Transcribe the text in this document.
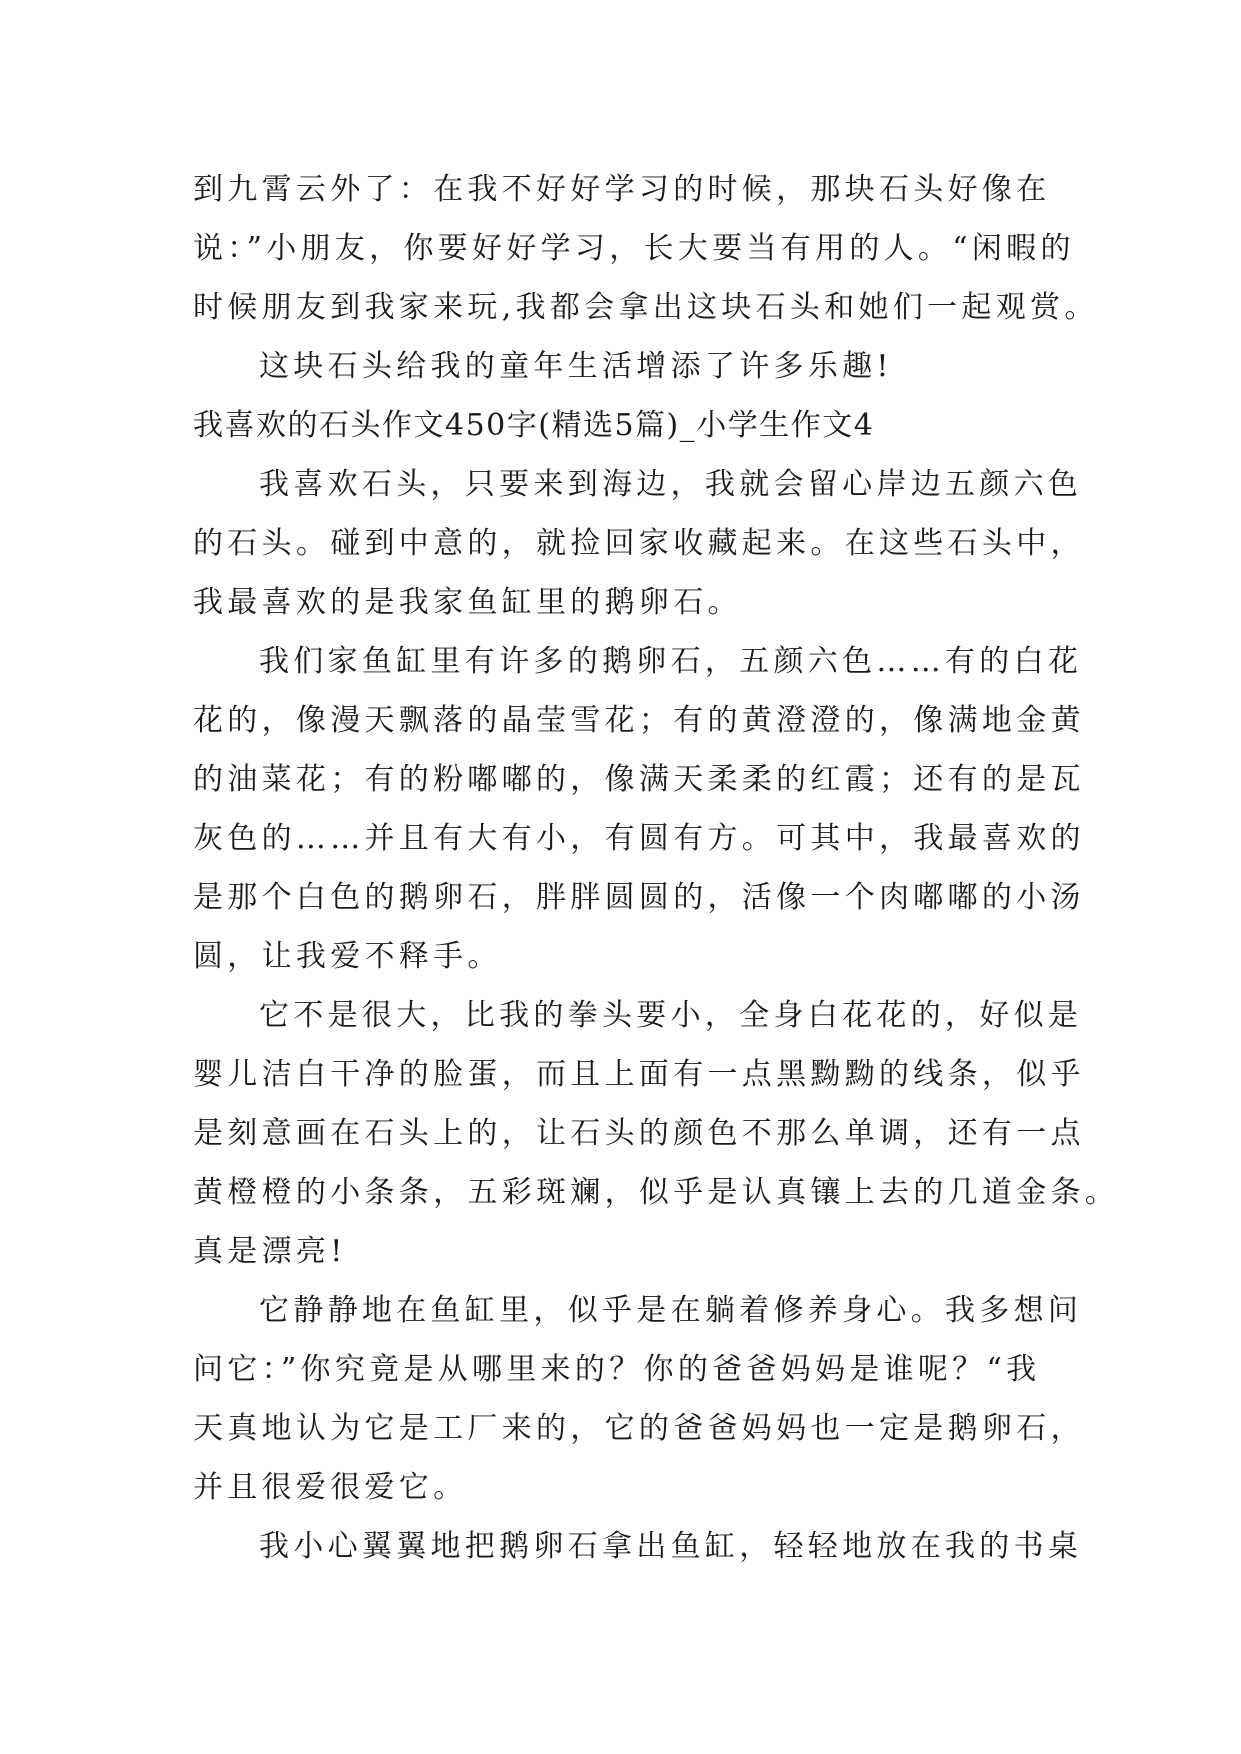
到九霄云外了：在我不好好学习的时候，那块石头好像在
说：”小朋友，你要好好学习，长大要当有用的人。“闲暇的
时候朋友到我家来玩,我都会拿出这块石头和她们一起观赏。
这块石头给我的童年生活增添了许多乐趣!
我喜欢的石头作文450字(精选5篇)_小学生作文4
我喜欢石头，只要来到海边，我就会留心岸边五颜六色
的石头。碰到中意的，就捡回家收藏起来。在这些石头中，
我最喜欢的是我家鱼缸里的鹅卵石。
我们家鱼缸里有许多的鹅卵石，五颜六色……有的白花
花的，像漫天飘落的晶莹雪花；有的黄澄澄的，像满地金黄
的油菜花；有的粉嘟嘟的，像满天柔柔的红霞；还有的是瓦
灰色的……并且有大有小，有圆有方。可其中，我最喜欢的
是那个白色的鹅卵石，胖胖圆圆的，活像一个肉嘟嘟的小汤
圆，让我爱不释手。
它不是很大，比我的拳头要小，全身白花花的，好似是
婴儿洁白干净的脸蛋，而且上面有一点黑黝黝的线条，似乎
是刻意画在石头上的，让石头的颜色不那么单调，还有一点
黄橙橙的小条条，五彩斑斓，似乎是认真镶上去的几道金条。
真是漂亮!
它静静地在鱼缸里，似乎是在躺着修养身心。我多想问
问它：”你究竟是从哪里来的？你的爸爸妈妈是谁呢？“我
天真地认为它是工厂来的，它的爸爸妈妈也一定是鹅卵石，
并且很爱很爱它。
我小心翼翼地把鹅卵石拿出鱼缸，轻轻地放在我的书桌
